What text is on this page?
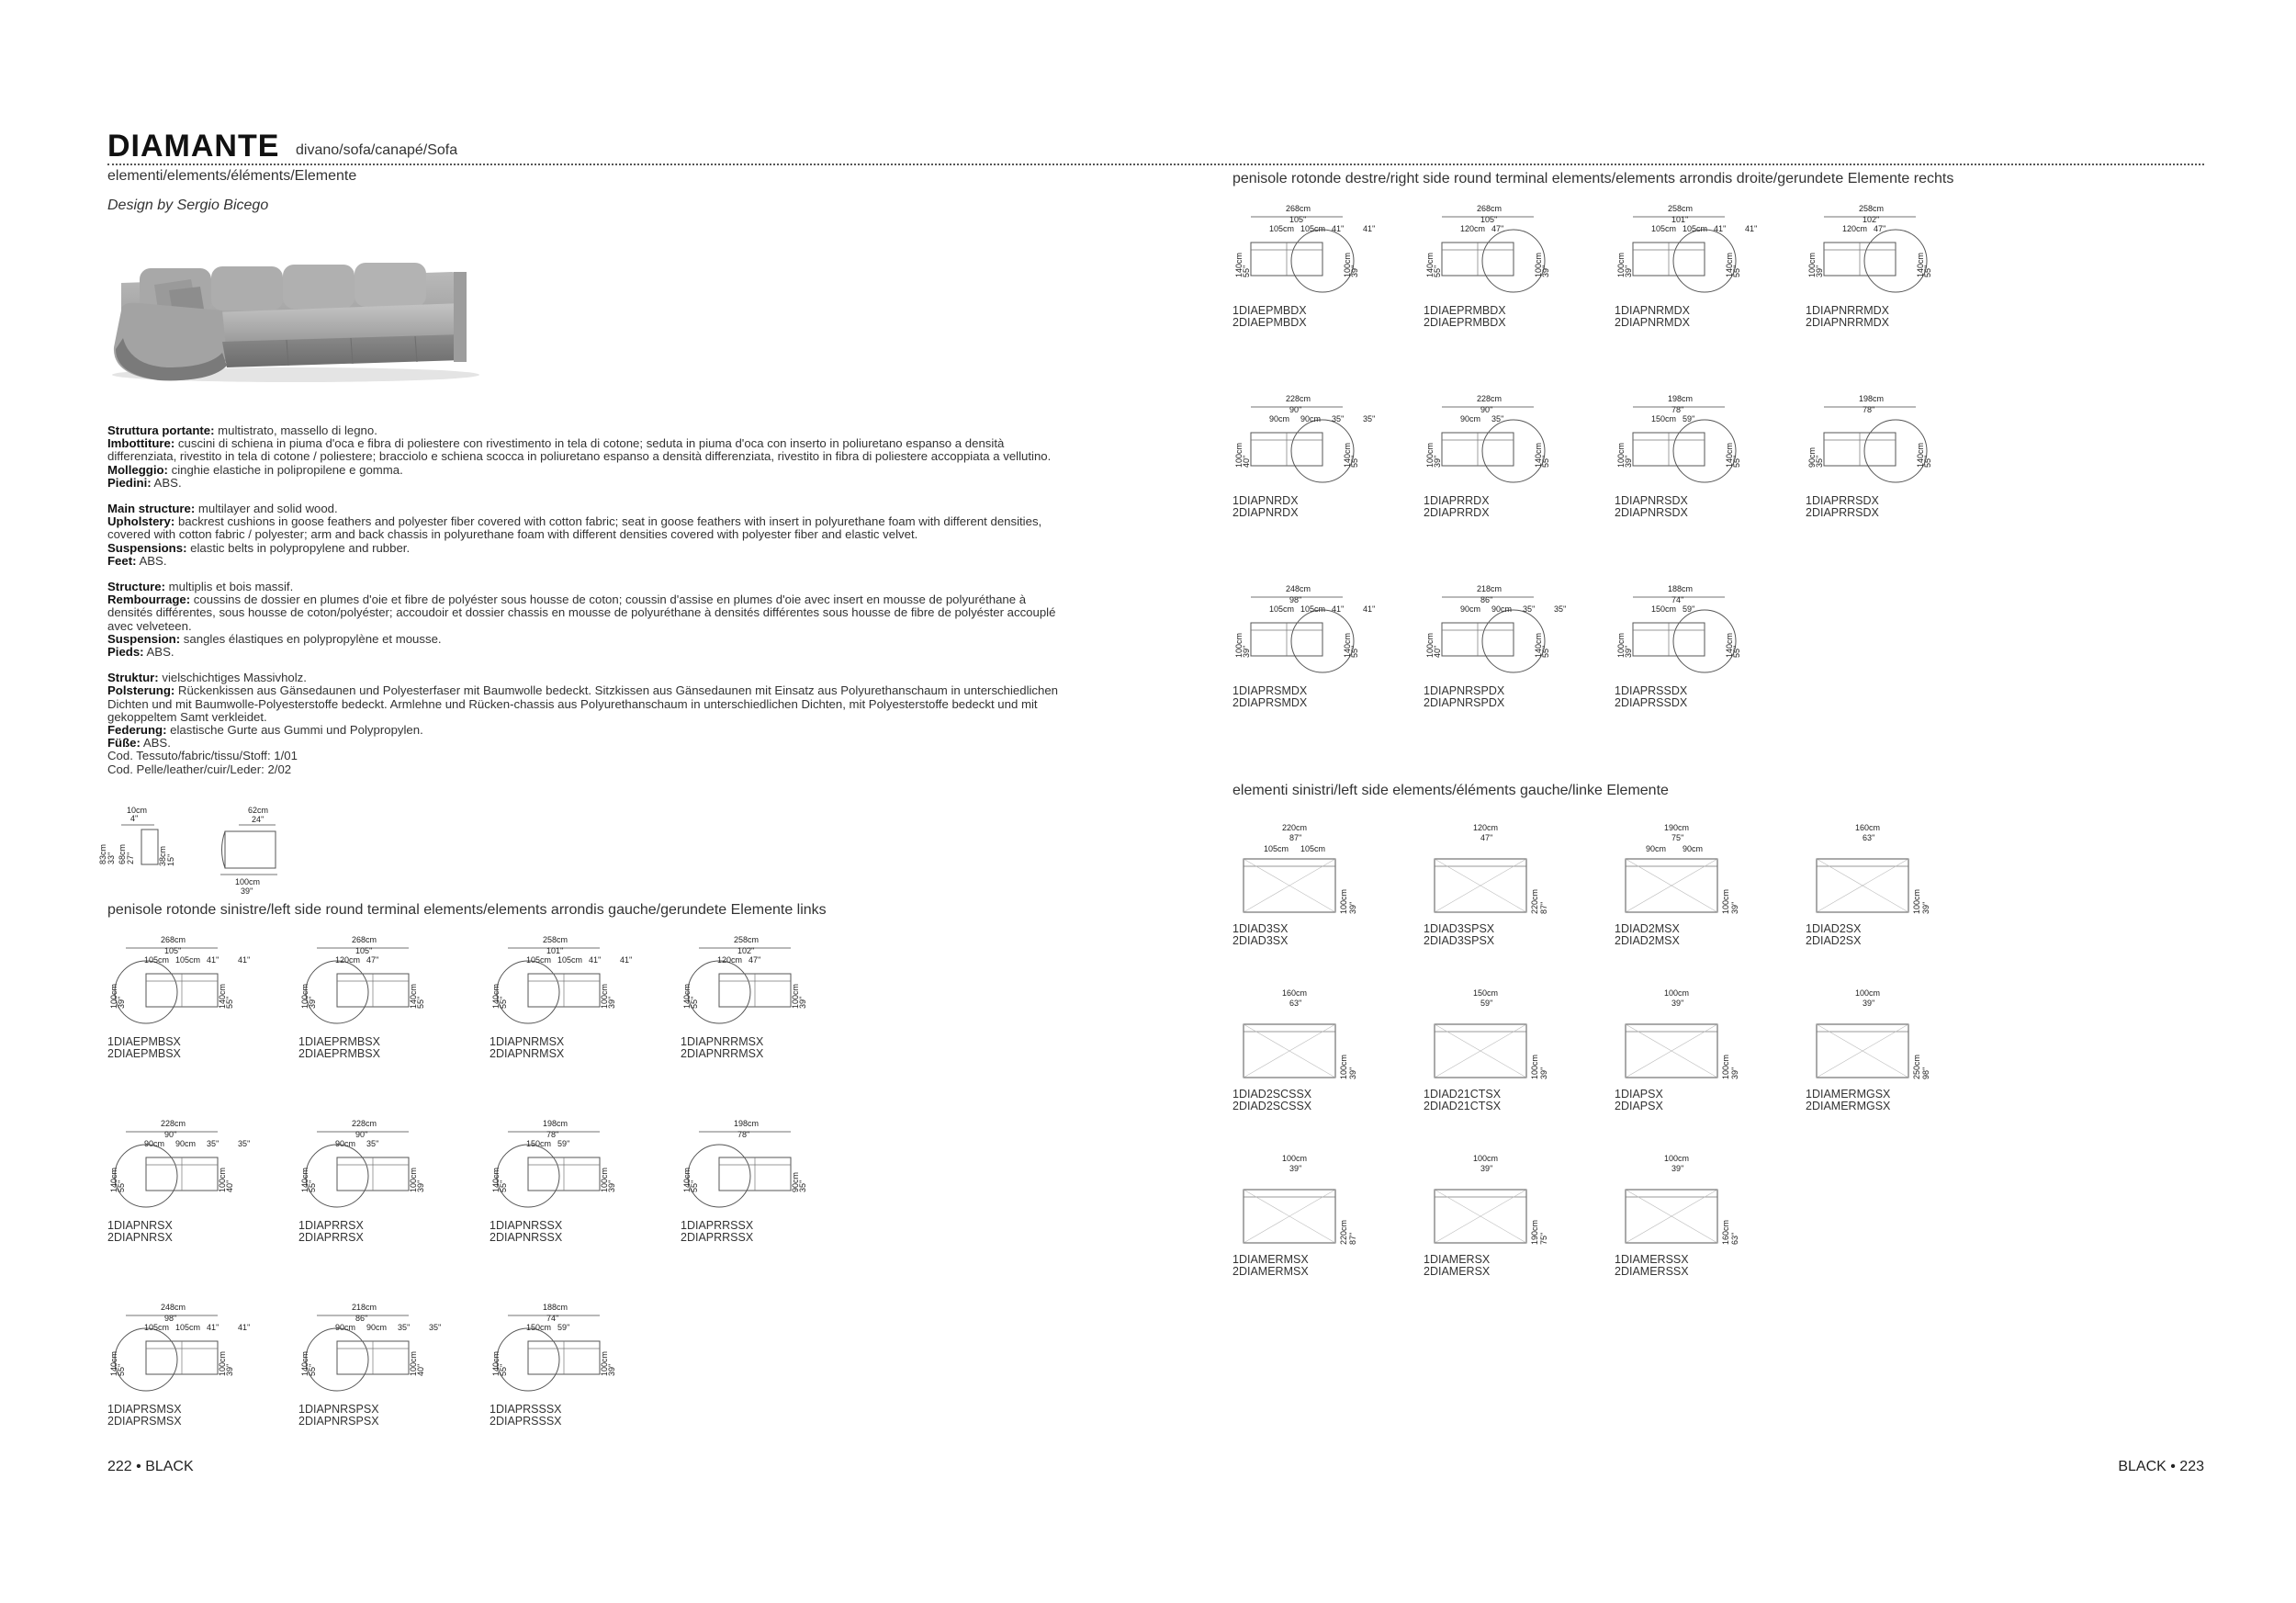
DIAMANTE divano/sofa/canapé/Sofa
elementi/elements/éléments/Elemente
Design by Sergio Bicego
Struttura portante: multistrato, massello di legno.
Imbottiture: cuscini di schiena in piuma d'oca e fibra di poliestere con rivestimento in tela di cotone; seduta in piuma d'oca con inserto in poliuretano espanso a densità differenziata, rivestito in tela di cotone / poliestere; bracciolo e schiena scocca in poliuretano espanso a densità differenziata, rivestito in fibra di poliestere accoppiata a vellutino.
Molleggio: cinghie elastiche in polipropilene e gomma.
Piedini: ABS.
Main structure: multilayer and solid wood.
Upholstery: backrest cushions in goose feathers and polyester fiber covered with cotton fabric; seat in goose feathers with insert in polyurethane foam with different densities, covered with cotton fabric / polyester; arm and back chassis in polyurethane foam with different densities covered with polyester fiber and elastic velvet.
Suspensions: elastic belts in polypropylene and rubber.
Feet: ABS.
Structure: multiplis et bois massif.
Rembourrage: coussins de dossier en plumes d'oie et fibre de polyéster sous housse de coton; coussin d'assise en plumes d'oie avec insert en mousse de polyuréthane à densités différentes, sous housse de coton/polyéster; accoudoir et dossier chassis en mousse de polyuréthane à densités différentes sous housse de fibre de polyéster accouplé avec velveteen.
Suspension: sangles élastiques en polypropylène et mousse.
Pieds: ABS.
Struktur: vielschichtiges Massivholz.
Polsterung: Rückenkissen aus Gänsedaunen und Polyesterfaser mit Baumwolle bedeckt. Sitzkissen aus Gänsedaunen mit Einsatz aus Polyurethanschaum in unterschiedlichen Dichten und mit Baumwolle-Polyesterstoffe bedeckt. Armlehne und Rücken-chassis aus Polyurethanschaum in unterschiedlichen Dichten, mit Polyesterstoffe bedeckt und mit gekoppeltem Samt verkleidet.
Federung: elastische Gurte aus Gummi und Polypropylen.
Füße: ABS.
Cod. Tessuto/fabric/tissu/Stoff: 1/01
Cod. Pelle/leather/cuir/Leder: 2/02
10cm
4''
83cm 33'' 68cm 27''	38cm 15''
62cm
24''
100cm
39''
penisole rotonde sinistre/left side round terminal elements/elements arrondis gauche/gerundete Elemente links
penisole rotonde destre/right side round terminal elements/elements arrondis droite/gerundete Elemente rechts
elementi sinistri/left side elements/éléments gauche/linke Elemente
268cm
105''
105cm 105cm 41'' 41''
100cm
39''	140cm
55''
1DIAEPMBSX
2DIAEPMBSX
268cm
105''
120cm 47''
100cm
39''	140cm
55''
1DIAEPRMBSX
2DIAEPRMBSX
258cm
101''
105cm 105cm 41'' 41''
140cm
55''	100cm
39''
1DIAPNRMSX
2DIAPNRMSX
258cm
102''
120cm 47''
140cm
55''	100cm
39''
1DIAPNRRMSX
2DIAPNRRMSX
228cm
90''
90cm 90cm 35'' 35''
140cm
55''	100cm
40''
1DIAPNRSX
2DIAPNRSX
228cm
90''
90cm 35''
140cm
55''	100cm
39''
1DIAPRRSX
2DIAPRRSX
198cm
78''
150cm 59''
140cm
55''	100cm
39''
1DIAPNRSSX
2DIAPNRSSX
198cm
78''
140cm
55''	90cm
35''
1DIAPRRSSX
2DIAPRRSSX
248cm
98''
105cm 105cm 41'' 41''
140cm
55''	100cm
39''
1DIAPRSMSX
2DIAPRSMSX
218cm
86''
90cm 90cm 35'' 35''
140cm
55''	100cm
40''
1DIAPNRSPSX
2DIAPNRSPSX
188cm
74''
150cm 59''
140cm
55''	100cm
39''
1DIAPRSSSX
2DIAPRSSSX
268cm
105''
105cm 105cm 41'' 41''
140cm
55''	100cm
39''
1DIAEPMBDX
2DIAEPMBDX
268cm
105''
120cm 47''
140cm
55''	100cm
39''
1DIAEPRMBDX
2DIAEPRMBDX
258cm
101''
105cm 105cm 41'' 41''
100cm
39''	140cm
55''
1DIAPNRMDX
2DIAPNRMDX
258cm
102''
120cm 47''
100cm
39''	140cm
55''
1DIAPNRRMDX
2DIAPNRRMDX
228cm
90''
90cm 90cm 35'' 35''
100cm
40''	140cm
55''
1DIAPNRDX
2DIAPNRDX
228cm
90''
90cm 35''
100cm
39''	140cm
55''
1DIAPRRDX
2DIAPRRDX
198cm
78''
150cm 59''
100cm
39''	140cm
55''
1DIAPNRSDX
2DIAPNRSDX
198cm
78''
90cm
35''	140cm
55''
1DIAPRRSDX
2DIAPRRSDX
248cm
98''
105cm 105cm 41'' 41''
100cm
39''	140cm
55''
1DIAPRSMDX
2DIAPRSMDX
218cm
86''
90cm 90cm 35'' 35''
100cm
40''	140cm
55''
1DIAPNRSPDX
2DIAPNRSPDX
188cm
74''
150cm 59''
100cm
39''	140cm
55''
1DIAPRSSDX
2DIAPRSSDX
220cm
87''
105cm 105cm
100cm 39''
1DIAD3SX
2DIAD3SX
120cm
47''
220cm 87''
1DIAD3SPSX
2DIAD3SPSX
190cm
75''
90cm 90cm
100cm 39''
1DIAD2MSX
2DIAD2MSX
160cm
63''
100cm 39''
1DIAD2SX
2DIAD2SX
160cm
63''
100cm 39''
1DIAD2SCSSX
2DIAD2SCSSX
150cm
59''
100cm 39''
1DIAD21CTSX
2DIAD21CTSX
100cm
39''
100cm 39''
1DIAPSX
2DIAPSX
100cm
39''
250cm 98''
1DIAMERMGSX
2DIAMERMGSX
100cm
39''
220cm 87''
1DIAMERMSX
2DIAMERMSX
100cm
39''
190cm 75''
1DIAMERSX
2DIAMERSX
100cm
39''
160cm 63''
1DIAMERSSX
2DIAMERSSX
222 • BLACK	BLACK • 223
